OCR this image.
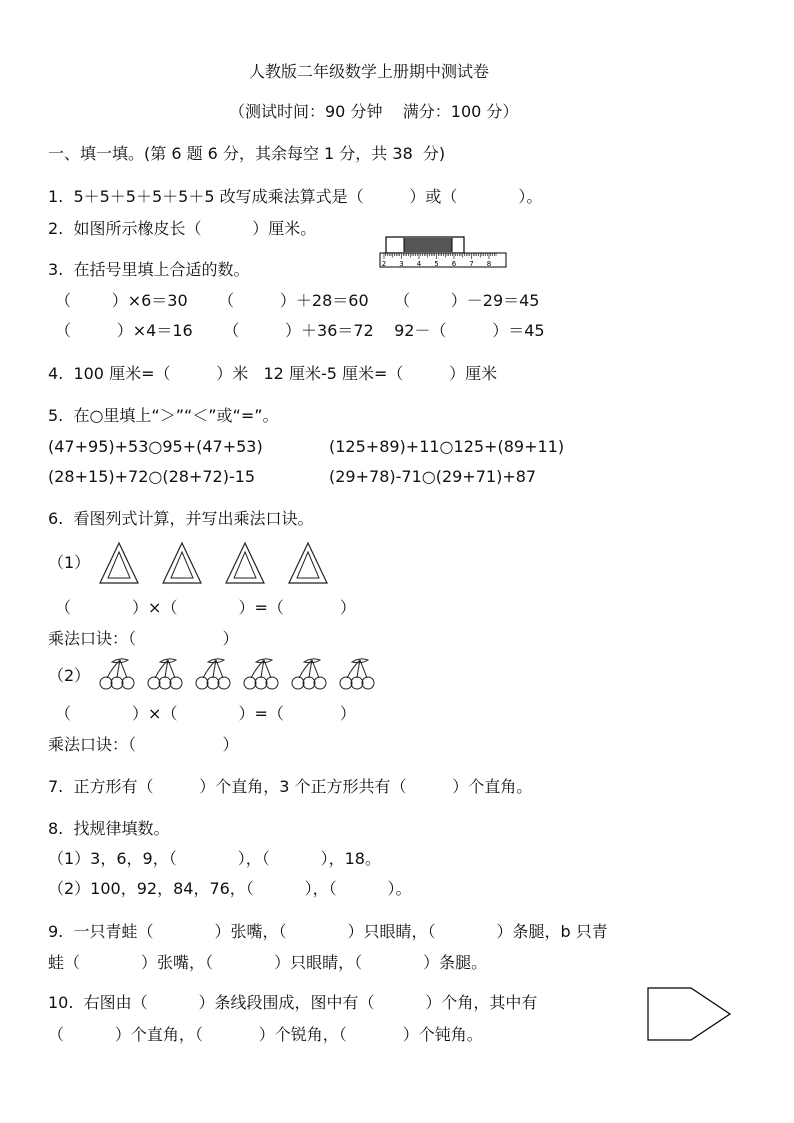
人教版二年级数学上册期中测试卷
（测试时间：90 分钟    满分：100 分）
一、填一填。(第 6 题 6 分，其余每空 1 分，共 38  分)
1.  5＋5＋5＋5＋5＋5 改写成乘法算式是（         ）或（            ）。
2.  如图所示橡皮长（          ）厘米。
2 3 4 5 6 7 8
3.  在括号里填上合适的数。
（        ）×6＝30      （         ）＋28＝60     （        ）－29＝45
（         ）×4＝16      （         ）＋36＝72    92－（         ）＝45
4.  100 厘米=（         ）米   12 厘米-5 厘米=（         ）厘米
5.  在○里填上“＞”“＜”或“=”。
(47+95)+53○95+(47+53)	(125+89)+11○125+(89+11)
(28+15)+72○(28+72)-15	(29+78)-71○(29+71)+87
6.  看图列式计算，并写出乘法口诀。
（1）
（            ）×（            ）=（           ）
乘法口诀：（                 ）
（2）
（            ）×（            ）=（           ）
乘法口诀：（                 ）
7.  正方形有（         ）个直角，3 个正方形共有（         ）个直角。
8.  找规律填数。
（1）3，6，9，（            ），（          ），18。
（2）100，92，84，76，（          ），（          ）。
9.  一只青蛙（            ）张嘴，（            ）只眼睛，（            ）条腿，b 只青
蛙（            ）张嘴，（            ）只眼睛，（            ）条腿。
10.  右图由（          ）条线段围成，图中有（          ）个角，其中有
（          ）个直角，（           ）个锐角，（           ）个钝角。
